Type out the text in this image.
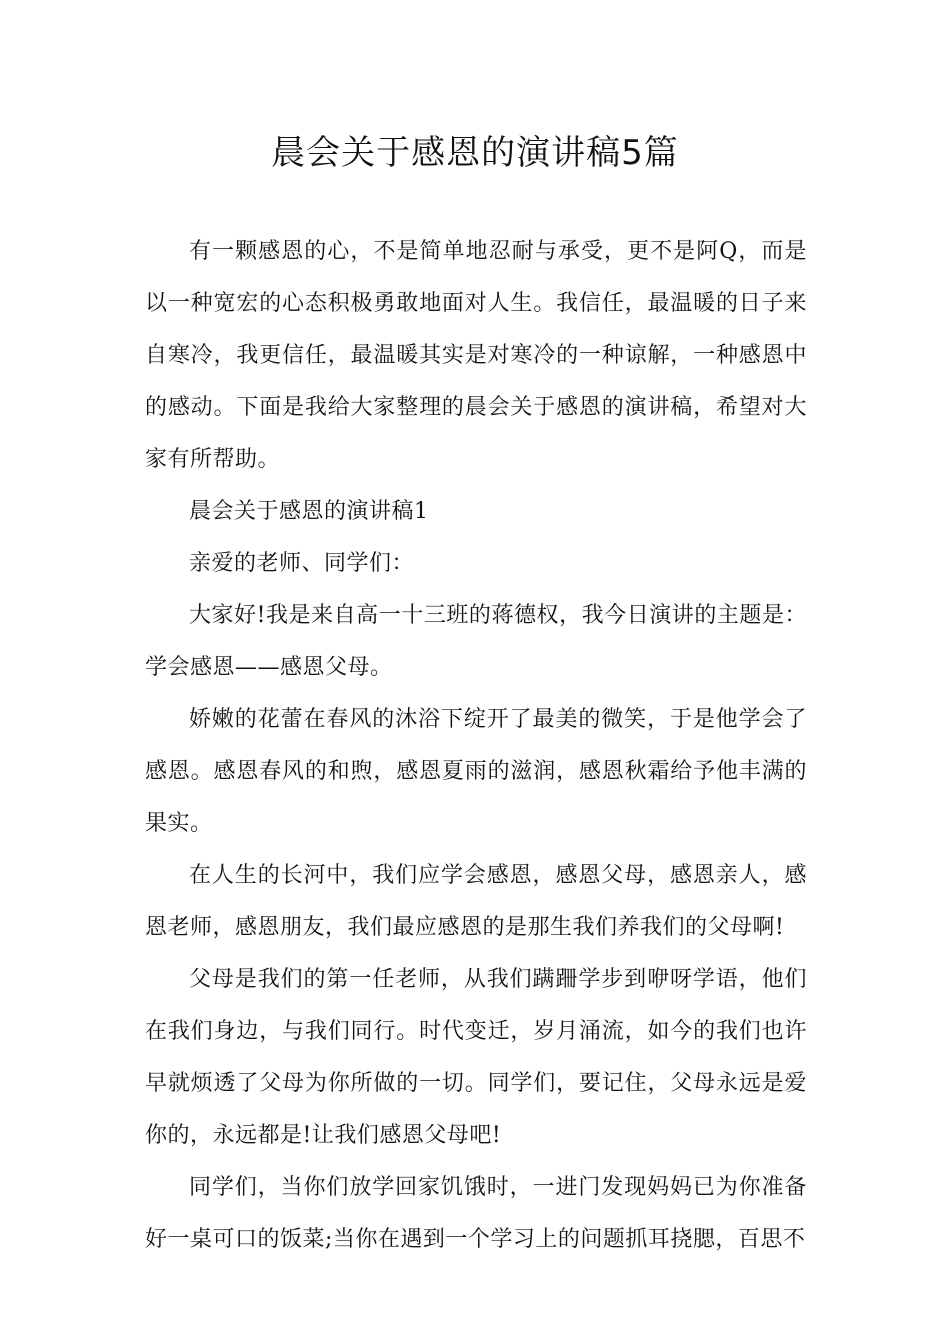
晨会关于感恩的演讲稿5篇

有一颗感恩的心，不是简单地忍耐与承受，更不是阿Q，而是以一种宽宏的心态积极勇敢地面对人生。我信任，最温暖的日子来自寒冷，我更信任，最温暖其实是对寒冷的一种谅解，一种感恩中的感动。下面是我给大家整理的晨会关于感恩的演讲稿，希望对大家有所帮助。

晨会关于感恩的演讲稿1

亲爱的老师、同学们：

大家好!我是来自高一十三班的蒋德权，我今日演讲的主题是：学会感恩——感恩父母。

娇嫩的花蕾在春风的沐浴下绽开了最美的微笑，于是他学会了感恩。感恩春风的和煦，感恩夏雨的滋润，感恩秋霜给予他丰满的果实。

在人生的长河中，我们应学会感恩，感恩父母，感恩亲人，感恩老师，感恩朋友，我们最应感恩的是那生我们养我们的父母啊!

父母是我们的第一任老师，从我们蹒跚学步到咿呀学语，他们在我们身边，与我们同行。时代变迁，岁月涌流，如今的我们也许早就烦透了父母为你所做的一切。同学们，要记住，父母永远是爱你的，永远都是!让我们感恩父母吧!

同学们，当你们放学回家饥饿时，一进门发现妈妈已为你准备好一桌可口的饭菜;当你在遇到一个学习上的问题抓耳挠腮，百思不
